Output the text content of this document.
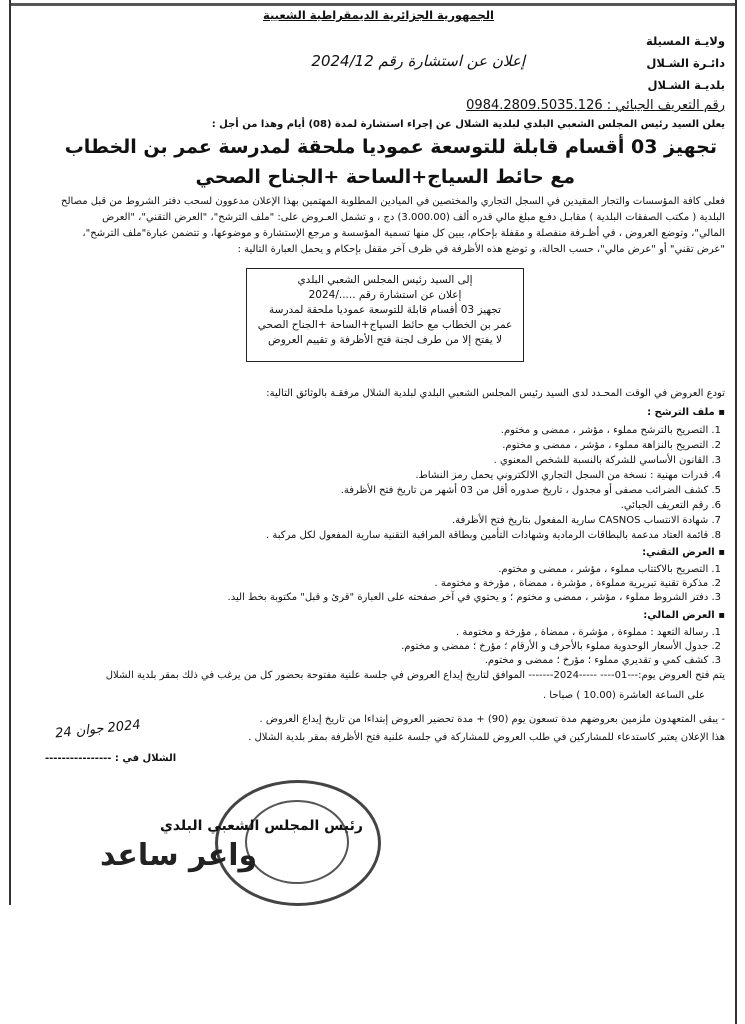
الجمهورية الجزائرية الديمقراطية الشعبية
ولايـة المسيلة
دائـرة الشـلال
بلديـة الشـلال
إعلان عن استشارة رقم 2024/12
رقم التعريف الجبائي : 0984.2809.5035.126
يعلن السيد رئيس المجلس الشعبي البلدي لبلدية الشلال عن إجراء استشارة لمدة (08) أيام وهذا من أجل :
تجهيز 03 أقسام قابلة للتوسعة عموديا ملحقة لمدرسة عمر بن الخطاب
مع حائط السياج+الساحة +الجناح الصحي
فعلى كافة المؤسسات والتجار المقيدين في السجل التجاري والمختصين في الميادين المطلوبة المهتمين بهذا الإعلان مدعوون لسحب دفتر الشروط من قبل مصالح
البلدية ( مكتب الصفقات البلدية ) مقابـل دفـع مبلغ مالي قدره ألف (3.000.00) دج ، و تشمل العـروض على: "ملف الترشح"، "العرض التقني"، "العرض
المالي"، وتوضع العروض ، في أظـرفة منفصلة و مقفلة بإحكام، يبين كل منها تسمية المؤسسة و مرجع الإستشارة و موضوعها، و تتضمن عبارة"ملف الترشح"،
"عرض تقني" أو "عرض مالي"، حسب الحالة، و توضع هذه الأظرفة في ظرف آخر مقفل بإحكام و يحمل العبارة التالية :
إلى السيد رئيس المجلس الشعبي البلدي
إعلان عن استشارة رقم ...../2024
تجهيز 03 أقسام قابلة للتوسعة عموديا ملحقة لمدرسة
عمر بن الخطاب مع حائط السياج+الساحة +الجناح الصحي
لا يفتح إلا من طرف لجنة فتح الأظرفة و تقييم العروض
تودع العروض في الوقت المحـدد لدى السيد رئيس المجلس الشعبي البلدي لبلدية الشلال مرفقـة بالوثائق التالية:
▪ ملف الترشح :
1. التصريح بالترشح مملوء ، مؤشر ، ممضى و مختوم.
2. التصريح بالنزاهة مملوء ، مؤشر ، ممضى و مختوم.
3. القانون الأساسي للشركة بالنسبة للشخص المعنوي .
4. قدرات مهنية : نسخة من السجل التجاري الالكتروني يحمل رمز النشاط.
5. كشف الضرائب مصفى أو مجدول ، تاريخ صدوره أقل من 03 أشهر من تاريخ فتح الأظرفة.
6. رقم التعريف الجبائي.
7. شهادة الانتساب CASNOS سارية المفعول بتاريخ فتح الأظرفة.
8. قائمة العتاد مدعمة بالبطاقات الرمادية وشهادات التأمين وبطاقة المراقبة التقنية سارية المفعول لكل مركبة .
▪ العرض التقني:
1. التصريح بالاكتتاب مملوء ، مؤشر ، ممضى و مختوم.
2. مذكرة تقنية تبريرية مملوءة , مؤشرة ، ممضاة , مؤرخة و مختومة .
3. دفتر الشروط مملوء ، مؤشر ، ممضى و مختوم ؛ و يحتوي في آخر صفحته على العبارة "قرئ و قبل" مكتوبة بخط اليد.
▪ العرض المالي:
1. رسالة التعهد : مملوءة , مؤشرة ، ممضاة , مؤرخة و مختومة .
2. جدول الأسعار الوحدوية مملوء بالأحرف و الأرقام ؛ مؤرخ ؛ ممضى و مختوم.
3. كشف كمي و تقديري مملوء ؛ مؤرخ ؛ ممضى و مختوم.
يتم فتح العروض يوم:---01---- -----2024------- الموافق لتاريخ إيداع العروض في جلسة علنية مفتوحة بحضور كل من يرغب في ذلك بمقر بلدية الشلال
على الساعة العاشرة (10.00 ) صباحا .
- يبقى المتعهدون ملزمين بعروضهم مدة تسعون يوم (90) + مدة تحضير العروض إبتداءا من تاريخ إيداع العروض .
هذا الإعلان يعتبر كاستدعاء للمشاركين في طلب العروض للمشاركة في جلسة علنية فتح الأظرفة بمقر بلدية الشلال .
2024 جوان 24
الشلال في : ----------------
رئيس المجلس الشعبي البلدي
واعر ساعد
